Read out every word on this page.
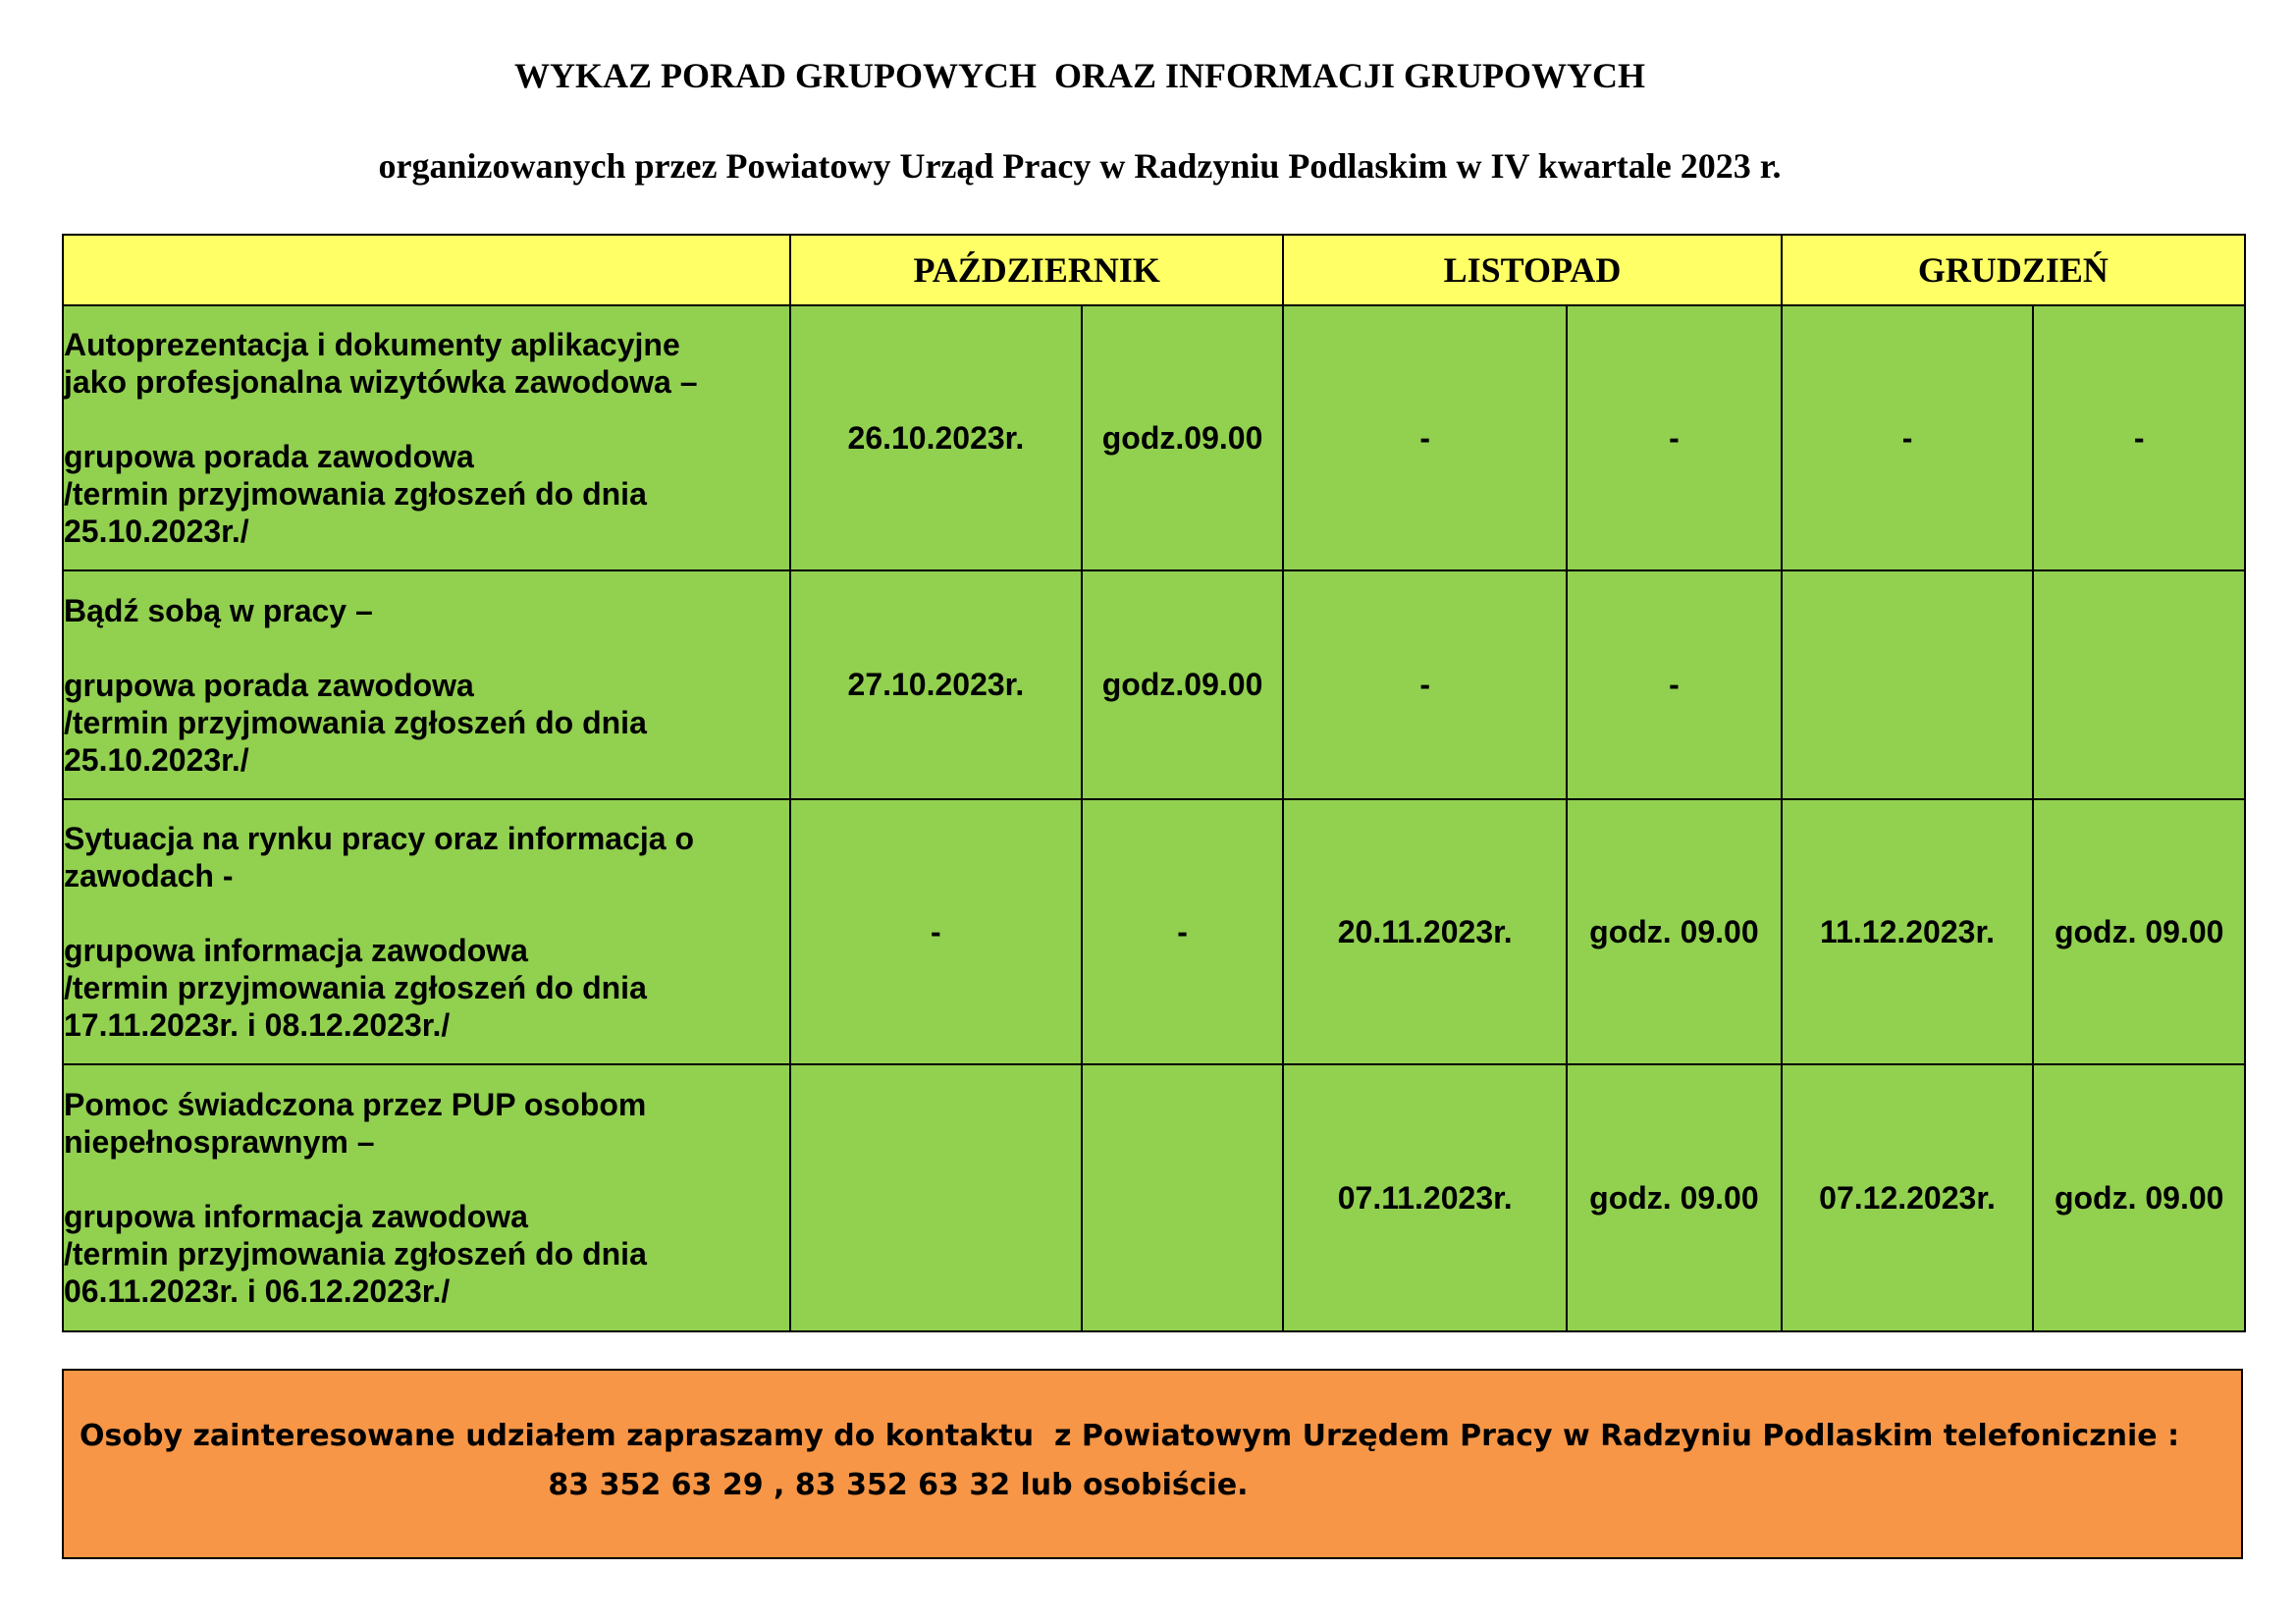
WYKAZ PORAD GRUPOWYCH  ORAZ INFORMACJI GRUPOWYCH
organizowanych przez Powiatowy Urząd Pracy w Radzyniu Podlaskim w IV kwartale 2023 r.
	PAŹDZIERNIK		LISTOPAD		GRUDZIEŃ	

Autoprezentacja i dokumenty aplikacyjne
jako profesjonalna wizytówka zawodowa –
grupowa porada zawodowa
/termin przyjmowania zgłoszeń do dnia
25.10.2023r./	26.10.2023r.	godz.09.00	-	-	-	-

Bądź sobą w pracy –
grupowa porada zawodowa
/termin przyjmowania zgłoszeń do dnia
25.10.2023r./	27.10.2023r.	godz.09.00	-	-		

Sytuacja na rynku pracy oraz informacja o
zawodach -
grupowa informacja zawodowa
/termin przyjmowania zgłoszeń do dnia
17.11.2023r. i 08.12.2023r./	-	-	20.11.2023r.	godz. 09.00	11.12.2023r.	godz. 09.00

Pomoc świadczona przez PUP osobom
niepełnosprawnym –
grupowa informacja zawodowa
/termin przyjmowania zgłoszeń do dnia
06.11.2023r. i 06.12.2023r./			07.11.2023r.	godz. 09.00	07.12.2023r.	godz. 09.00
Osoby zainteresowane udziałem zapraszamy do kontaktu  z Powiatowym Urzędem Pracy w Radzyniu Podlaskim telefonicznie :
83 352 63 29 , 83 352 63 32 lub osobiście.
